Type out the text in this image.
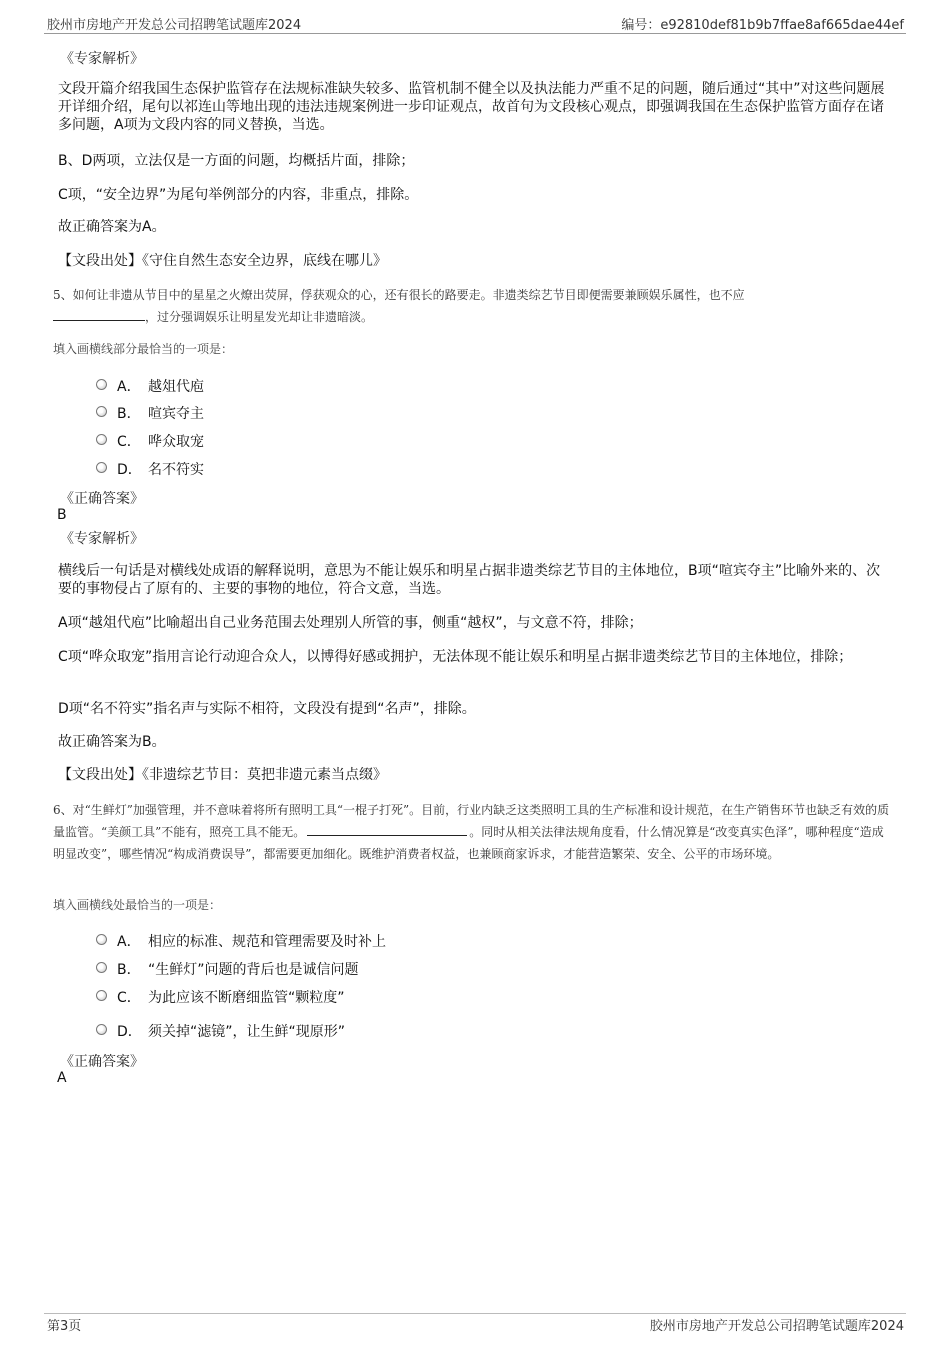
胶州市房地产开发总公司招聘笔试题库2024	编号：e92810def81b9b7ffae8af665dae44ef
《专家解析》
文段开篇介绍我国生态保护监管存在法规标准缺失较多、监管机制不健全以及执法能力严重不足的问题，随后通过“其中”对这些问题展开详细介绍，尾句以祁连山等地出现的违法违规案例进一步印证观点，故首句为文段核心观点，即强调我国在生态保护监管方面存在诸多问题，A项为文段内容的同义替换，当选。
B、D两项，立法仅是一方面的问题，均概括片面，排除；
C项，“安全边界”为尾句举例部分的内容，非重点，排除。
故正确答案为A。
【文段出处】《守住自然生态安全边界，底线在哪儿》
5、如何让非遗从节目中的星星之火燎出荧屏，俘获观众的心，还有很长的路要走。非遗类综艺节目即便需要兼顾娱乐属性，也不应
，过分强调娱乐让明星发光却让非遗暗淡。
填入画横线部分最恰当的一项是：
A． 越俎代庖
B． 喧宾夺主
C． 哗众取宠
D． 名不符实
《正确答案》
B
《专家解析》
横线后一句话是对横线处成语的解释说明，意思为不能让娱乐和明星占据非遗类综艺节目的主体地位，B项“喧宾夺主”比喻外来的、次要的事物侵占了原有的、主要的事物的地位，符合文意，当选。
A项“越俎代庖”比喻超出自己业务范围去处理别人所管的事，侧重“越权”，与文意不符，排除；
C项“哗众取宠”指用言论行动迎合众人，以博得好感或拥护，无法体现不能让娱乐和明星占据非遗类综艺节目的主体地位，排除；
D项“名不符实”指名声与实际不相符，文段没有提到“名声”，排除。
故正确答案为B。
【文段出处】《非遗综艺节目：莫把非遗元素当点缀》
6、对“生鲜灯”加强管理，并不意味着将所有照明工具“一棍子打死”。目前，行业内缺乏这类照明工具的生产标准和设计规范，在生产销售环节也缺乏有效的质量监管。“美颜工具”不能有，照亮工具不能无。	。同时从相关法律法规角度看，什么情况算是“改变真实色泽”，哪种程度“造成明显改变”，哪些情况“构成消费误导”，都需要更加细化。既维护消费者权益，也兼顾商家诉求，才能营造繁荣、安全、公平的市场环境。
填入画横线处最恰当的一项是：
A． 相应的标准、规范和管理需要及时补上
B． “生鲜灯”问题的背后也是诚信问题
C． 为此应该不断磨细监管“颗粒度”
D． 须关掉“滤镜”，让生鲜“现原形”
《正确答案》
A
第3页	胶州市房地产开发总公司招聘笔试题库2024
